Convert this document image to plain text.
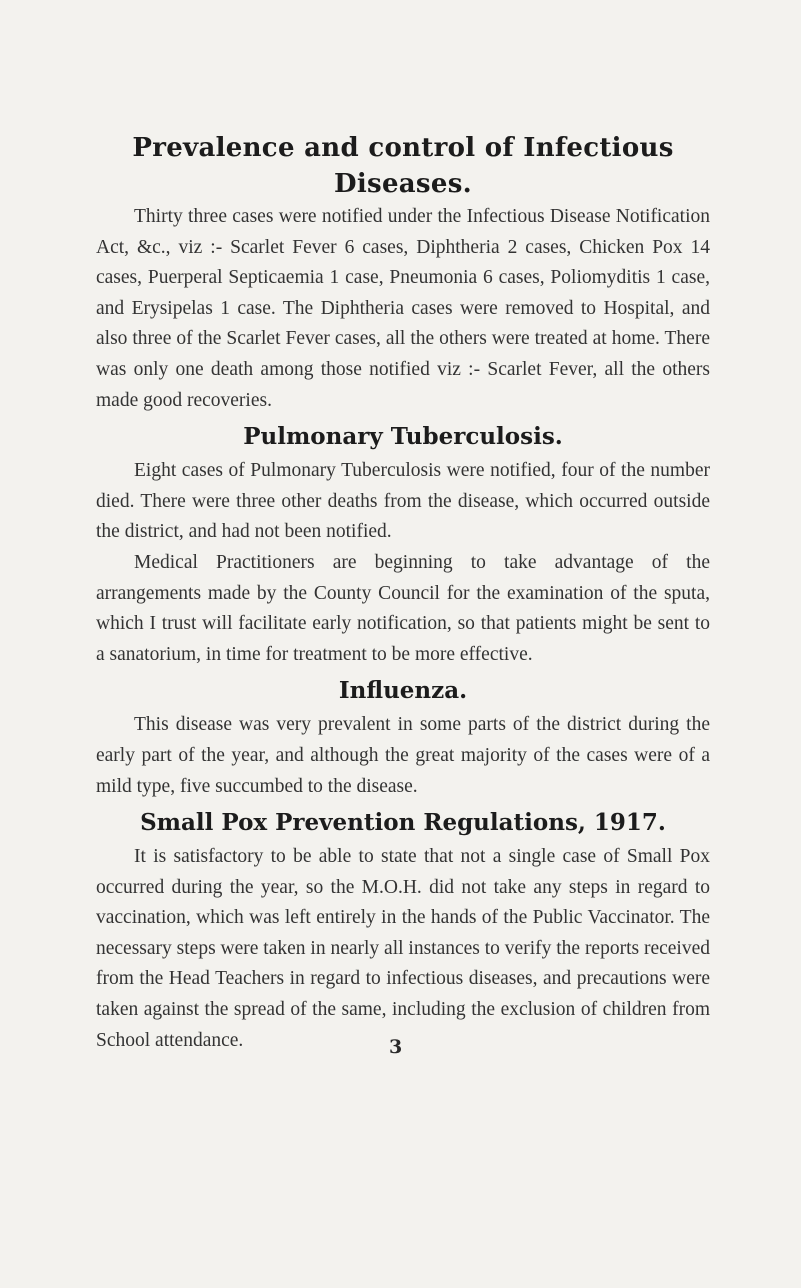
Prevalence and control of Infectious Diseases.

Thirty three cases were notified under the Infectious Disease Notification Act, &c., viz :- Scarlet Fever 6 cases, Diphtheria 2 cases, Chicken Pox 14 cases, Puerperal Septicaemia 1 case, Pneumonia 6 cases, Poliomyditis 1 case, and Erysipelas 1 case. The Diphtheria cases were removed to Hospital, and also three of the Scarlet Fever cases, all the others were treated at home. There was only one death among those notified viz :- Scarlet Fever, all the others made good recoveries.

Pulmonary Tuberculosis.

Eight cases of Pulmonary Tuberculosis were notified, four of the number died. There were three other deaths from the disease, which occurred outside the district, and had not been notified.

Medical Practitioners are beginning to take advantage of the arrangements made by the County Council for the examination of the sputa, which I trust will facilitate early notification, so that patients might be sent to a sanatorium, in time for treatment to be more effective.

Influenza.

This disease was very prevalent in some parts of the district during the early part of the year, and although the great majority of the cases were of a mild type, five succumbed to the disease.

Small Pox Prevention Regulations, 1917.

It is satisfactory to be able to state that not a single case of Small Pox occurred during the year, so the M.O.H. did not take any steps in regard to vaccination, which was left entirely in the hands of the Public Vaccinator. The necessary steps were taken in nearly all instances to verify the reports received from the Head Teachers in regard to infectious diseases, and precautions were taken against the spread of the same, including the exclusion of children from School attendance.	3
